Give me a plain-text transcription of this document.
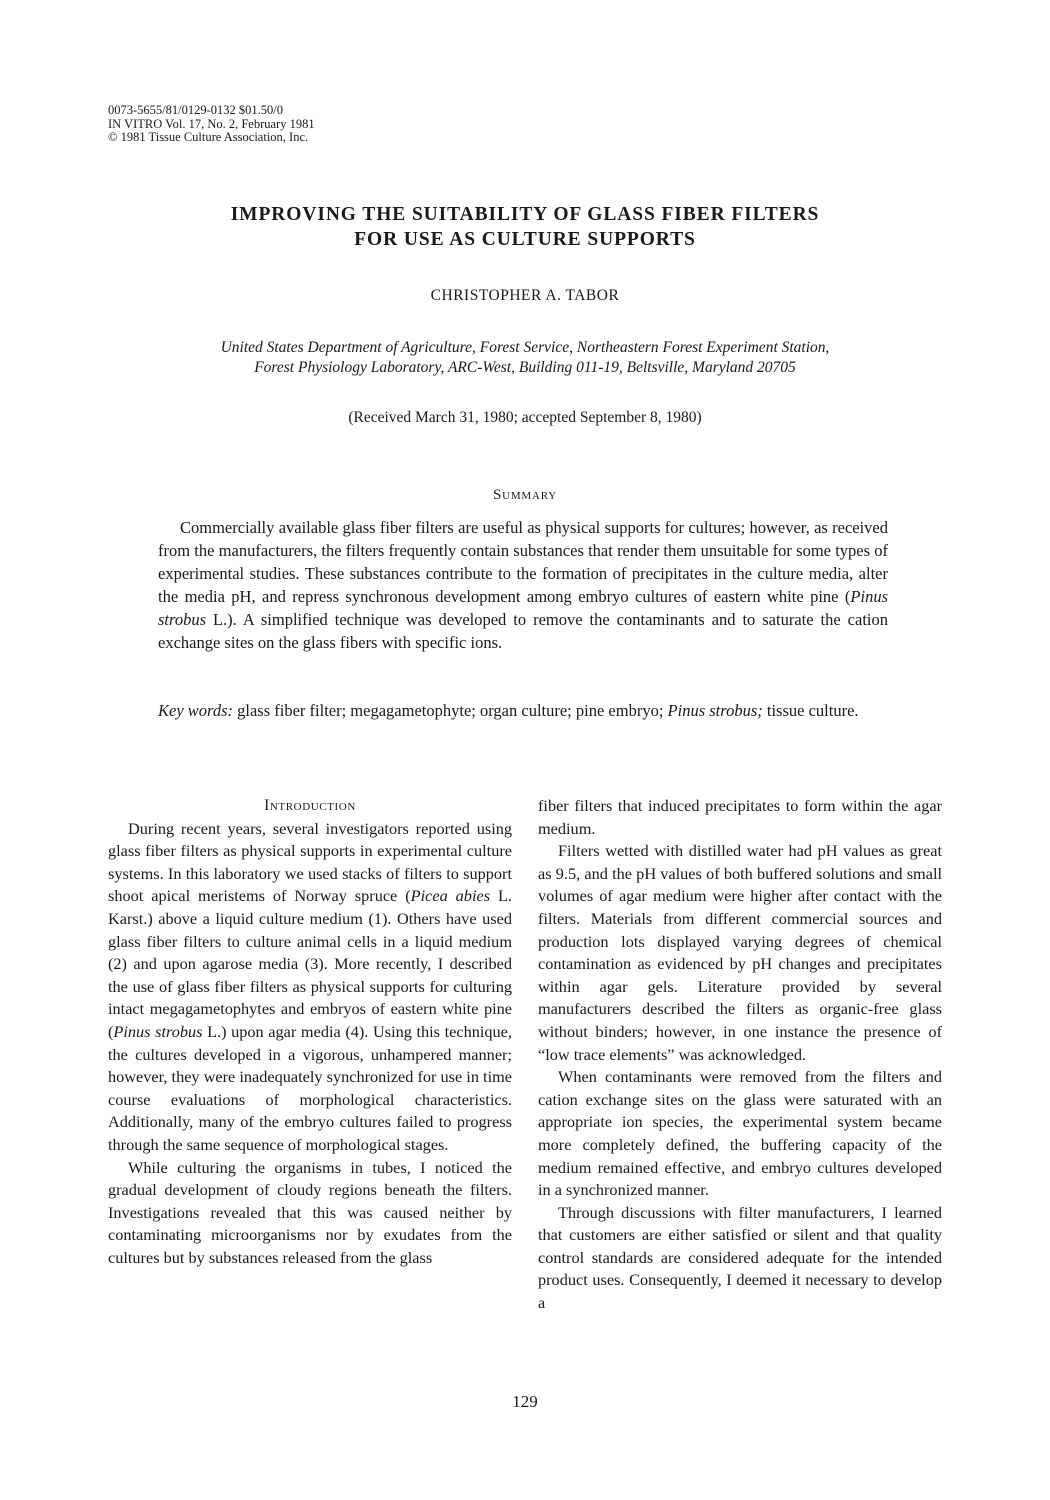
0073-5655/81/0129-0132 $01.50/0
IN VITRO Vol. 17, No. 2, February 1981
© 1981 Tissue Culture Association, Inc.
IMPROVING THE SUITABILITY OF GLASS FIBER FILTERS
FOR USE AS CULTURE SUPPORTS
CHRISTOPHER A. TABOR
United States Department of Agriculture, Forest Service, Northeastern Forest Experiment Station,
Forest Physiology Laboratory, ARC-West, Building 011-19, Beltsville, Maryland 20705
(Received March 31, 1980; accepted September 8, 1980)
Summary
Commercially available glass fiber filters are useful as physical supports for cultures; however, as received from the manufacturers, the filters frequently contain substances that render them unsuitable for some types of experimental studies. These substances contribute to the formation of precipitates in the culture media, alter the media pH, and repress synchronous development among embryo cultures of eastern white pine (Pinus strobus L.). A simplified technique was developed to remove the contaminants and to saturate the cation exchange sites on the glass fibers with specific ions.
Key words: glass fiber filter; megagametophyte; organ culture; pine embryo; Pinus strobus; tissue culture.
Introduction

During recent years, several investigators reported using glass fiber filters as physical supports in experimental culture systems. In this laboratory we used stacks of filters to support shoot apical meristems of Norway spruce (Picea abies L. Karst.) above a liquid culture medium (1). Others have used glass fiber filters to culture animal cells in a liquid medium (2) and upon agarose media (3). More recently, I described the use of glass fiber filters as physical supports for culturing intact megagametophytes and embryos of eastern white pine (Pinus strobus L.) upon agar media (4). Using this technique, the cultures developed in a vigorous, unhampered manner; however, they were inadequately synchronized for use in time course evaluations of morphological characteristics. Additionally, many of the embryo cultures failed to progress through the same sequence of morphological stages.

While culturing the organisms in tubes, I noticed the gradual development of cloudy regions beneath the filters. Investigations revealed that this was caused neither by contaminating microorganisms nor by exudates from the cultures but by substances released from the glass

fiber filters that induced precipitates to form within the agar medium.

Filters wetted with distilled water had pH values as great as 9.5, and the pH values of both buffered solutions and small volumes of agar medium were higher after contact with the filters. Materials from different commercial sources and production lots displayed varying degrees of chemical contamination as evidenced by pH changes and precipitates within agar gels. Literature provided by several manufacturers described the filters as organic-free glass without binders; however, in one instance the presence of “low trace elements” was acknowledged.

When contaminants were removed from the filters and cation exchange sites on the glass were saturated with an appropriate ion species, the experimental system became more completely defined, the buffering capacity of the medium remained effective, and embryo cultures developed in a synchronized manner.

Through discussions with filter manufacturers, I learned that customers are either satisfied or silent and that quality control standards are considered adequate for the intended product uses. Consequently, I deemed it necessary to develop a

129
